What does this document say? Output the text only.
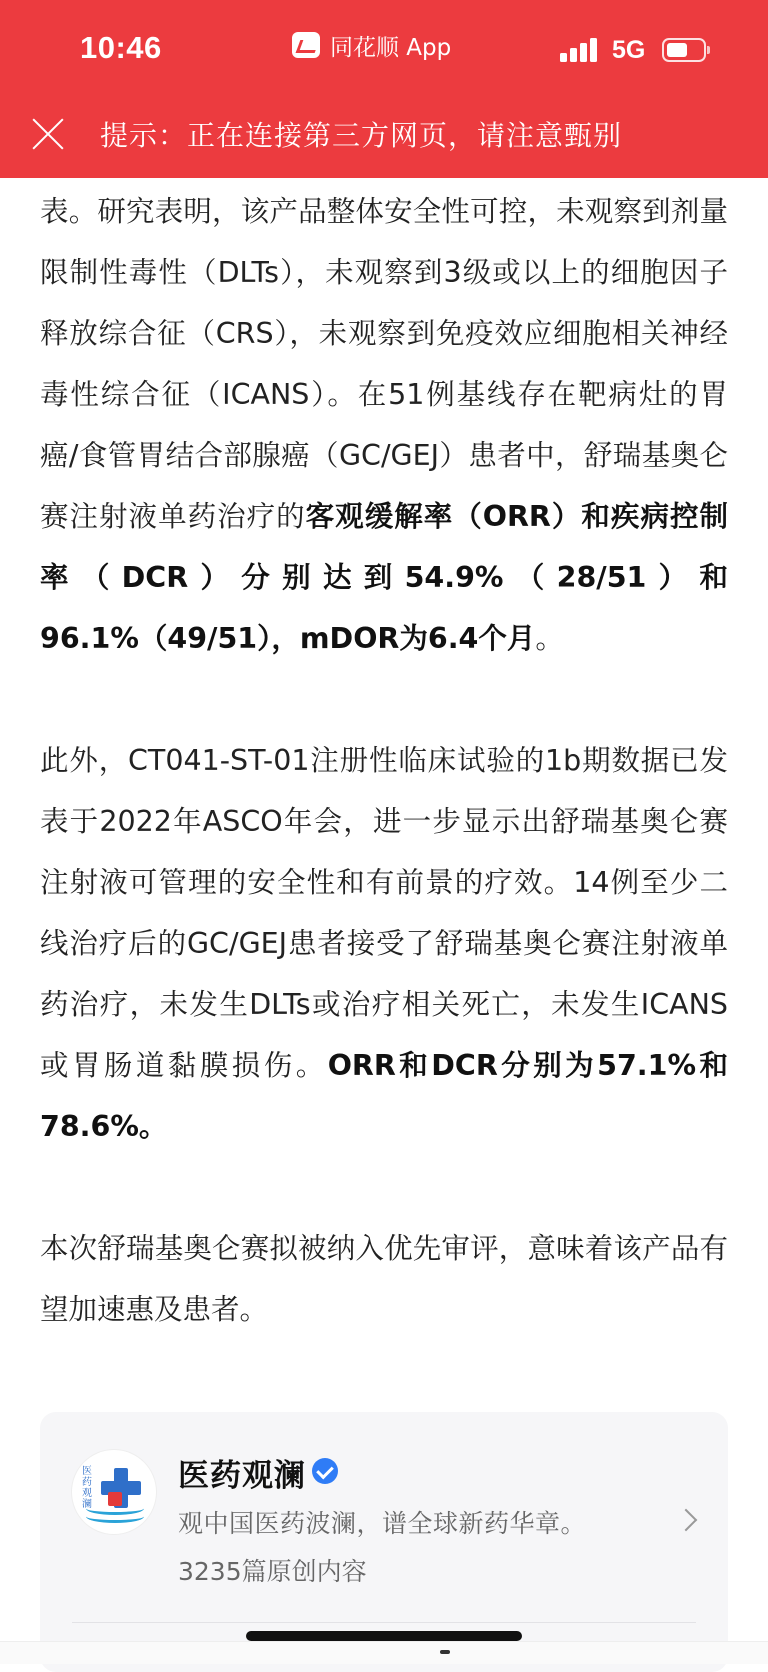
10:46	同花顺 App	5G
提示：正在连接第三方网页，请注意甄别

表。研究表明，该产品整体安全性可控，未观察到剂量限制性毒性（DLTs），未观察到3级或以上的细胞因子释放综合征（CRS），未观察到免疫效应细胞相关神经毒性综合征（ICANS）。在51例基线存在靶病灶的胃癌/食管胃结合部腺癌（GC/GEJ）患者中，舒瑞基奥仑赛注射液单药治疗的客观缓解率（ORR）和疾病控制率（DCR）分别达到54.9%（28/51）和96.1%（49/51），mDOR为6.4个月。

此外，CT041-ST-01注册性临床试验的1b期数据已发表于2022年ASCO年会，进一步显示出舒瑞基奥仑赛注射液可管理的安全性和有前景的疗效。14例至少二线治疗后的GC/GEJ患者接受了舒瑞基奥仑赛注射液单药治疗，未发生DLTs或治疗相关死亡，未发生ICANS或胃肠道黏膜损伤。ORR和DCR分别为57.1%和78.6%。

本次舒瑞基奥仑赛拟被纳入优先审评，意味着该产品有望加速惠及患者。

医药观澜
医药观澜
观中国医药波澜，谱全球新药华章。
3235篇原创内容
